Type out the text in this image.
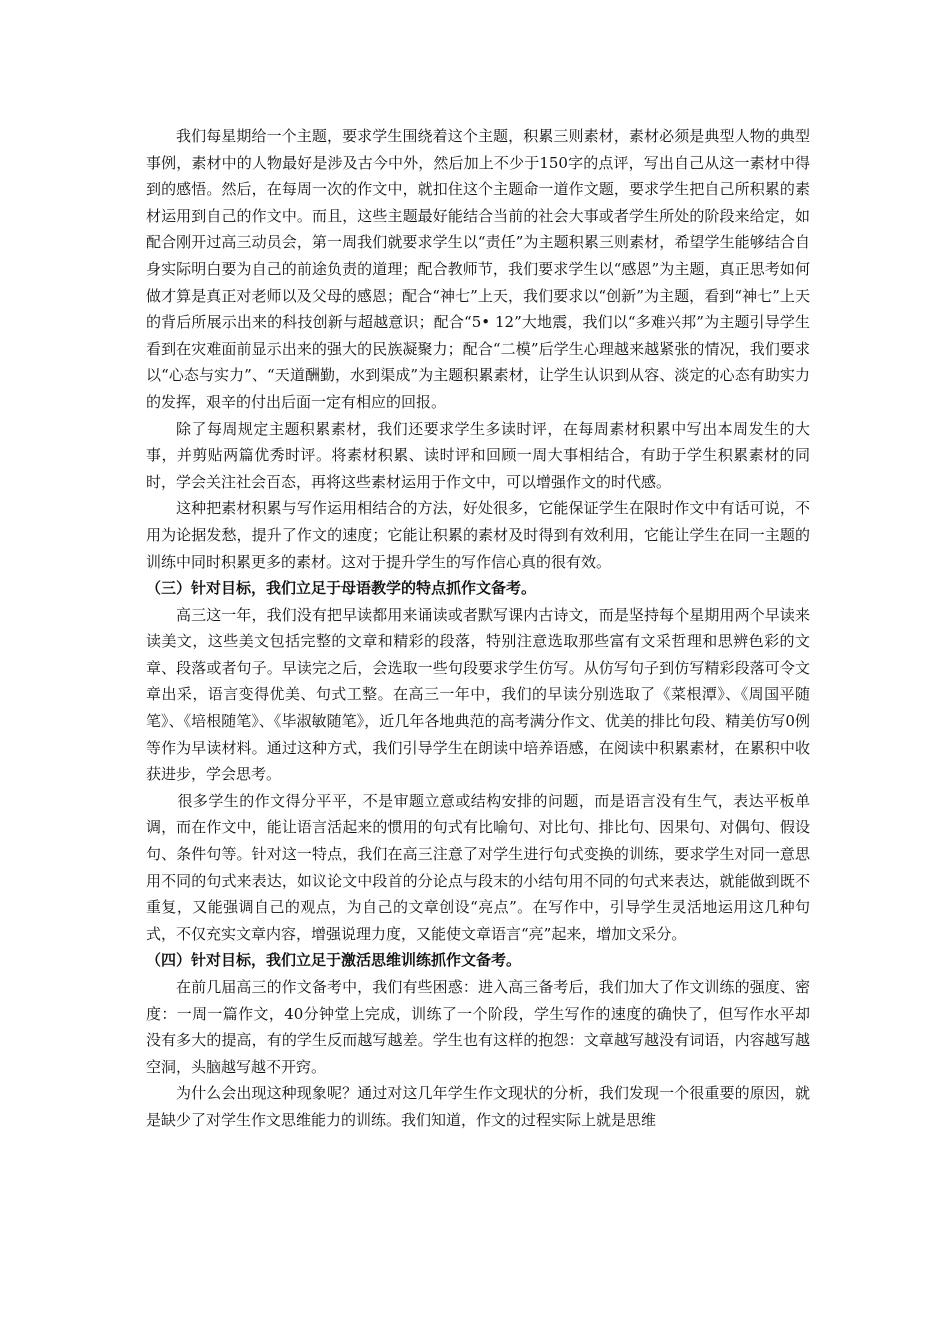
我们每星期给一个主题，要求学生围绕着这个主题，积累三则素材，素材必须是典型人物的典型事例，素材中的人物最好是涉及古今中外，然后加上不少于150字的点评，写出自己从这一素材中得到的感悟。然后，在每周一次的作文中，就扣住这个主题命一道作文题，要求学生把自己所积累的素材运用到自己的作文中。而且，这些主题最好能结合当前的社会大事或者学生所处的阶段来给定，如配合刚开过高三动员会，第一周我们就要求学生以“责任”为主题积累三则素材，希望学生能够结合自身实际明白要为自己的前途负责的道理；配合教师节，我们要求学生以“感恩”为主题，真正思考如何做才算是真正对老师以及父母的感恩；配合“神七”上天，我们要求以“创新”为主题，看到“神七”上天的背后所展示出来的科技创新与超越意识；配合“5• 12”大地震，我们以“多难兴邦”为主题引导学生看到在灾难面前显示出来的强大的民族凝聚力；配合“二模”后学生心理越来越紧张的情况，我们要求以“心态与实力”、“天道酬勤，水到渠成”为主题积累素材，让学生认识到从容、淡定的心态有助实力的发挥，艰辛的付出后面一定有相应的回报。

除了每周规定主题积累素材，我们还要求学生多读时评，在每周素材积累中写出本周发生的大事，并剪贴两篇优秀时评。将素材积累、读时评和回顾一周大事相结合，有助于学生积累素材的同时，学会关注社会百态，再将这些素材运用于作文中，可以增强作文的时代感。

这种把素材积累与写作运用相结合的方法，好处很多，它能保证学生在限时作文中有话可说，不用为论据发愁，提升了作文的速度；它能让积累的素材及时得到有效利用，它能让学生在同一主题的训练中同时积累更多的素材。这对于提升学生的写作信心真的很有效。

（三）针对目标，我们立足于母语教学的特点抓作文备考。

高三这一年，我们没有把早读都用来诵读或者默写课内古诗文，而是坚持每个星期用两个早读来读美文，这些美文包括完整的文章和精彩的段落，特别注意选取那些富有文采哲理和思辨色彩的文章、段落或者句子。早读完之后，会选取一些句段要求学生仿写。从仿写句子到仿写精彩段落可令文章出采，语言变得优美、句式工整。在高三一年中，我们的早读分别选取了《菜根潭》、《周国平随笔》、《培根随笔》、《毕淑敏随笔》，近几年各地典范的高考满分作文、优美的排比句段、精美仿写0例等作为早读材料。通过这种方式，我们引导学生在朗读中培养语感，在阅读中积累素材，在累积中收获进步，学会思考。

很多学生的作文得分平平，不是审题立意或结构安排的问题，而是语言没有生气，表达平板单调，而在作文中，能让语言活起来的惯用的句式有比喻句、对比句、排比句、因果句、对偶句、假设句、条件句等。针对这一特点，我们在高三注意了对学生进行句式变换的训练，要求学生对同一意思用不同的句式来表达，如议论文中段首的分论点与段末的小结句用不同的句式来表达，就能做到既不重复，又能强调自己的观点，为自己的文章创设“亮点”。在写作中，引导学生灵活地运用这几种句式，不仅充实文章内容，增强说理力度，又能使文章语言“亮”起来，增加文采分。

（四）针对目标，我们立足于激活思维训练抓作文备考。

在前几届高三的作文备考中，我们有些困惑：进入高三备考后，我们加大了作文训练的强度、密度：一周一篇作文，40分钟堂上完成，训练了一个阶段，学生写作的速度的确快了，但写作水平却没有多大的提高，有的学生反而越写越差。学生也有这样的抱怨：文章越写越没有词语，内容越写越空洞，头脑越写越不开窍。

为什么会出现这种现象呢？通过对这几年学生作文现状的分析，我们发现一个很重要的原因，就是缺少了对学生作文思维能力的训练。我们知道，作文的过程实际上就是思维
